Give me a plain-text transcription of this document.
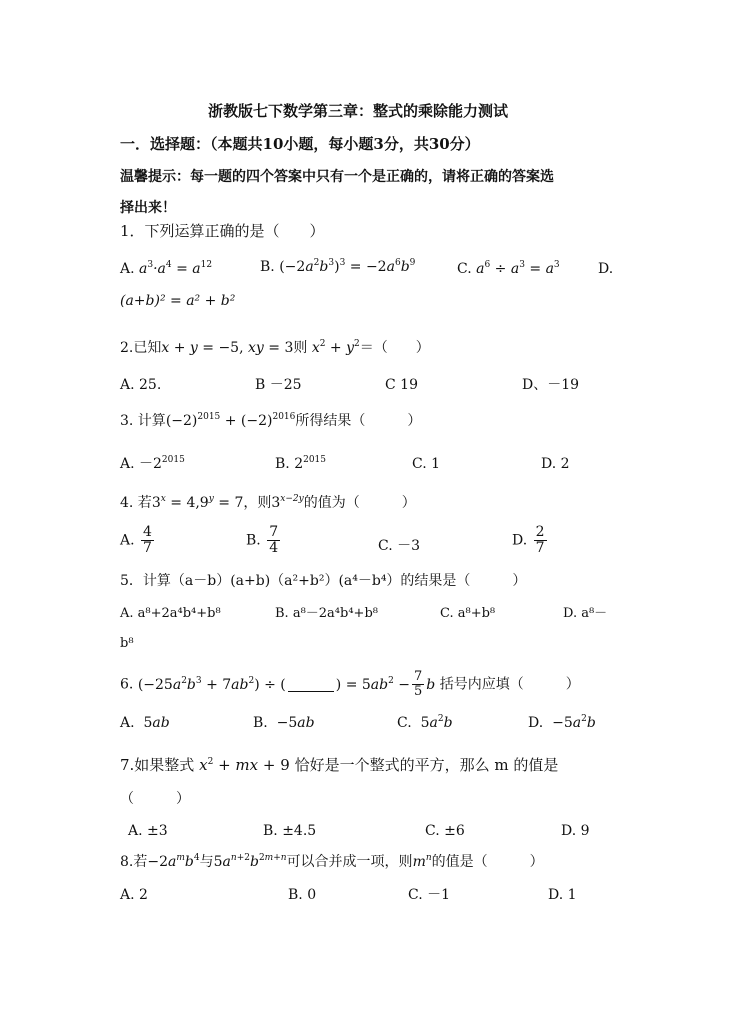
浙教版七下数学第三章：整式的乘除能力测试
一．选择题：（本题共10小题，每小题3分，共30分）
温馨提示：每一题的四个答案中只有一个是正确的，请将正确的答案选
择出来！
1．下列运算正确的是（　　）
A. $a^3\cdot a^4 = a^{12}$	B. $(-2a^2b^3)^3 = -2a^6b^9$	C. $a^6 \div a^3 = a^3$	D.
(a+b)² = a² + b²
2.已知x + y = −5, xy = 3则 $x^2 + y^2=$（　　）
A. 25.	B －25	C 19	D、－19
3. 计算$(-2)^{2015} + (-2)^{2016}$所得结果（　　　）
A. $-2^{2015}$	B. $2^{2015}$	C. 1	D. 2
4. 若$3^x = 4,9^y = 7$，则$3^{x-2y}$的值为（　　　）
A. $\frac{4}{7}$	B. $\frac{7}{4}$	C. －3	D. $\frac{2}{7}$
5．计算（a－b）(a+b)（a²+b²）(a⁴－b⁴）的结果是（　　　）
A. a⁸+2a⁴b⁴+b⁸	B. a⁸－2a⁴b⁴+b⁸	C. a⁸+b⁸	D. a⁸－
b⁸
6. $(-25a^2b^3 + 7ab^2)$ ÷ (	) = $5ab^2 - \frac{7}{5}$ b 括号内应填（　　　）
A. 5ab	B. −5ab	C. $5a^2b$	D. $-5a^2b$
7.如果整式 $x^2$ + mx + 9 恰好是一个整式的平方，那么 m 的值是
（　　　）
A. ±3	B. ±4.5	C. ±6	D. 9
8.若$-2a^mb^4$与$5a^{n+2}b^{2m+n}$可以合并成一项，则$m^n$的值是（　　　）
A. 2	B. 0	C. －1	D. 1
